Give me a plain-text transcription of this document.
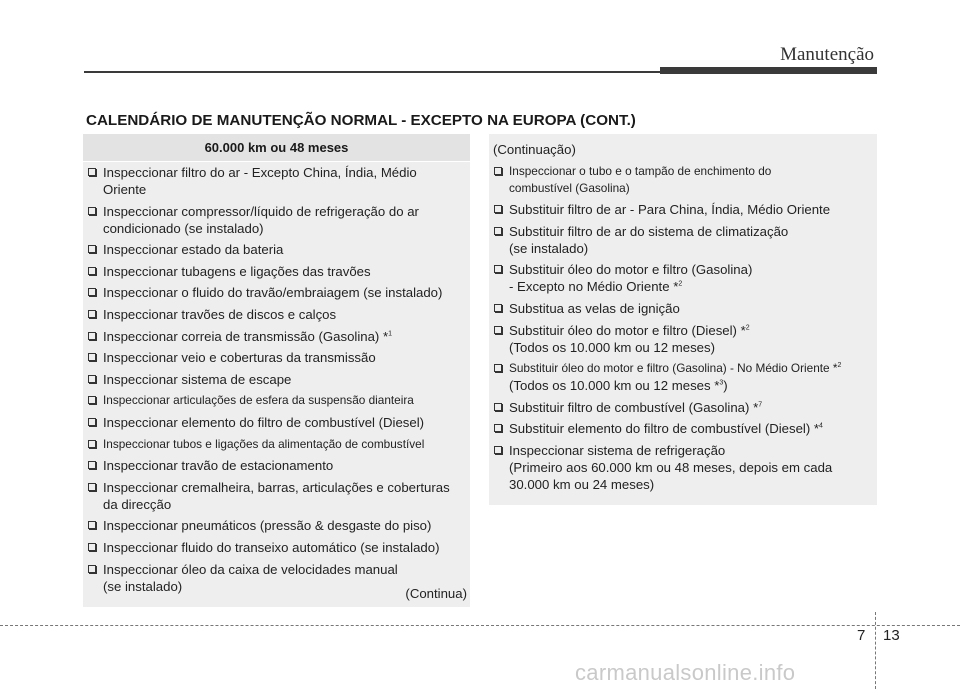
Manutenção
CALENDÁRIO DE MANUTENÇÃO NORMAL - EXCEPTO NA EUROPA (CONT.)
60.000 km ou 48 meses
Inspeccionar filtro do ar - Excepto China, Índia, Médio
Oriente
Inspeccionar compressor/líquido de refrigeração do ar
condicionado (se instalado)
Inspeccionar estado da bateria
Inspeccionar tubagens e ligações das travões
Inspeccionar o fluido do travão/embraiagem (se instalado)
Inspeccionar travões de discos e calços
Inspeccionar correia de transmissão (Gasolina) *$^1$
Inspeccionar veio e coberturas da transmissão
Inspeccionar sistema de escape
Inspeccionar articulações de esfera da suspensão dianteira
Inspeccionar elemento do filtro de combustível (Diesel)
Inspeccionar tubos e ligações da alimentação de combustível
Inspeccionar travão de estacionamento
Inspeccionar cremalheira, barras, articulações e coberturas
da direcção
Inspeccionar pneumáticos (pressão & desgaste do piso)
Inspeccionar fluido do transeixo automático (se instalado)
Inspeccionar óleo da caixa de velocidades manual
(se instalado)	(Continua)
(Continuação)
Inspeccionar o tubo e o tampão de enchimento do
combustível (Gasolina)
Substituir filtro de ar - Para China, Índia, Médio Oriente
Substituir filtro de ar do sistema de climatização
(se instalado)
Substituir óleo do motor e filtro (Gasolina)
- Excepto no Médio Oriente *$^2$
Substitua as velas de ignição
Substituir óleo do motor e filtro (Diesel) *$^2$
(Todos os 10.000 km ou 12 meses)
Substituir óleo do motor e filtro (Gasolina) - No Médio Oriente *$^2$
(Todos os 10.000 km ou 12 meses *$^3$)
Substituir filtro de combustível (Gasolina) *$^7$
Substituir elemento do filtro de combustível (Diesel) *$^4$
Inspeccionar sistema de refrigeração
(Primeiro aos 60.000 km ou 48 meses, depois em cada
30.000 km ou 24 meses)
7 13
carmanualsonline.info
